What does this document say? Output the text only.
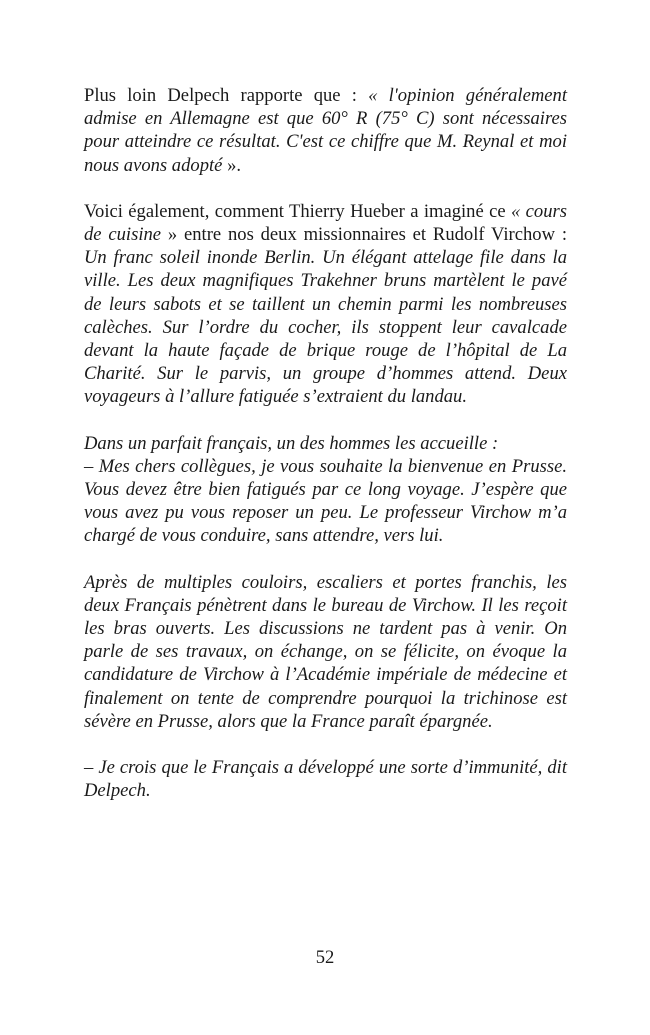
Plus loin Delpech rapporte que : « l'opinion généralement admise en Allemagne est que 60° R (75° C) sont nécessaires pour atteindre ce résultat. C'est ce chiffre que M. Reynal et moi nous avons adopté ».

Voici également, comment Thierry Hueber a imaginé ce « cours de cuisine » entre nos deux missionnaires et Rudolf Virchow : Un franc soleil inonde Berlin. Un élégant attelage file dans la ville. Les deux magnifiques Trakehner bruns martèlent le pavé de leurs sabots et se taillent un chemin parmi les nombreuses calèches. Sur l’ordre du cocher, ils stoppent leur cavalcade devant la haute façade de brique rouge de l’hôpital de La Charité. Sur le parvis, un groupe d’hommes attend. Deux voyageurs à l’allure fatiguée s’extraient du landau.

Dans un parfait français, un des hommes les accueille :

– Mes chers collègues, je vous souhaite la bienvenue en Prusse. Vous devez être bien fatigués par ce long voyage. J’espère que vous avez pu vous reposer un peu. Le professeur Virchow m’a chargé de vous conduire, sans attendre, vers lui.

Après de multiples couloirs, escaliers et portes franchis, les deux Français pénètrent dans le bureau de Virchow. Il les reçoit les bras ouverts. Les discussions ne tardent pas à venir. On parle de ses travaux, on échange, on se félicite, on évoque la candidature de Virchow à l’Académie impériale de médecine et finalement on tente de comprendre pourquoi la trichinose est sévère en Prusse, alors que la France paraît épargnée.

– Je crois que le Français a développé une sorte d’immunité, dit Delpech.

52
